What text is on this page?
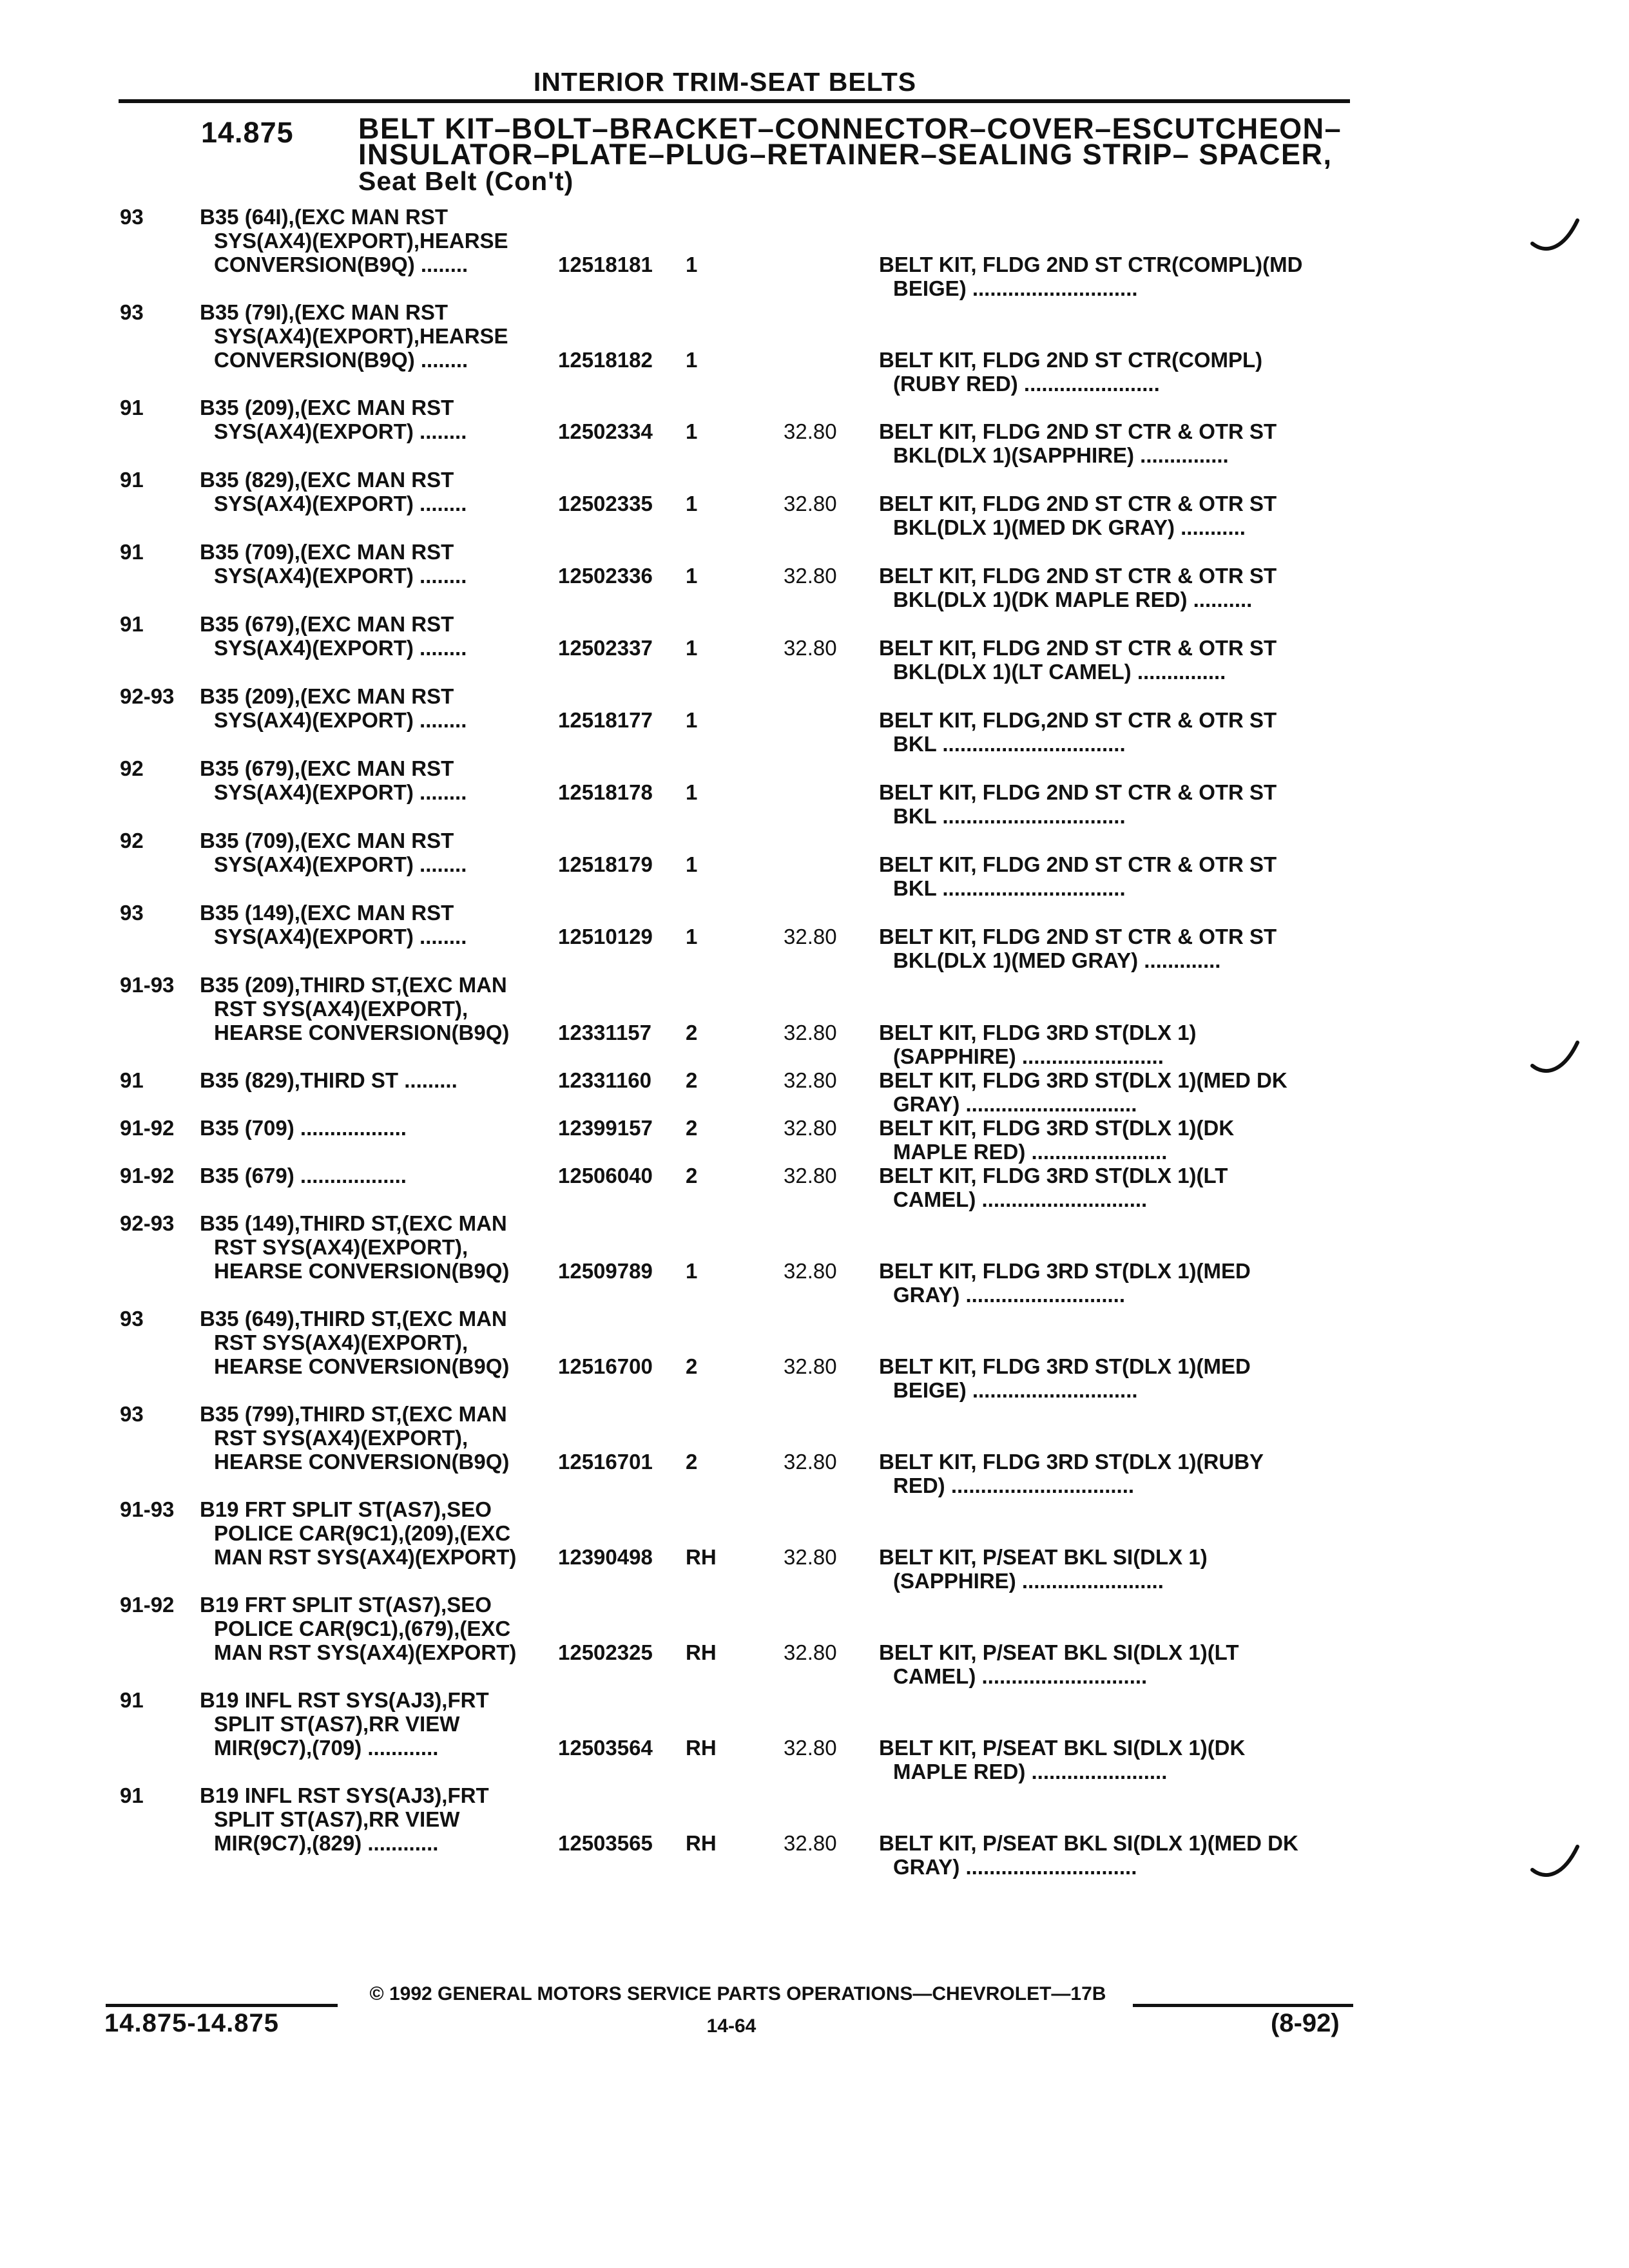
INTERIOR TRIM-SEAT BELTS
14.875 BELT KIT–BOLT–BRACKET–CONNECTOR–COVER–ESCUTCHEON–
INSULATOR–PLATE–PLUG–RETAINER–SEALING STRIP– SPACER,
Seat Belt (Con't)
93	B35 (64I),(EXC MAN RST
SYS(AX4)(EXPORT),HEARSE
CONVERSION(B9Q) ........	12518181 1	BELT KIT, FLDG 2ND ST CTR(COMPL)(MD
BEIGE) ............................
93	B35 (79I),(EXC MAN RST
SYS(AX4)(EXPORT),HEARSE
CONVERSION(B9Q) ........	12518182 1	BELT KIT, FLDG 2ND ST CTR(COMPL)
(RUBY RED) .......................
91	B35 (209),(EXC MAN RST
SYS(AX4)(EXPORT) ........	12502334 1	32.80 BELT KIT, FLDG 2ND ST CTR & OTR ST
BKL(DLX 1)(SAPPHIRE) ...............
91	B35 (829),(EXC MAN RST
SYS(AX4)(EXPORT) ........	12502335 1	32.80 BELT KIT, FLDG 2ND ST CTR & OTR ST
BKL(DLX 1)(MED DK GRAY) ...........
91	B35 (709),(EXC MAN RST
SYS(AX4)(EXPORT) ........	12502336 1	32.80 BELT KIT, FLDG 2ND ST CTR & OTR ST
BKL(DLX 1)(DK MAPLE RED) ..........
91	B35 (679),(EXC MAN RST
SYS(AX4)(EXPORT) ........	12502337 1	32.80 BELT KIT, FLDG 2ND ST CTR & OTR ST
BKL(DLX 1)(LT CAMEL) ...............
92-93 B35 (209),(EXC MAN RST
SYS(AX4)(EXPORT) ........	12518177 1	BELT KIT, FLDG,2ND ST CTR & OTR ST
BKL ...............................
92	B35 (679),(EXC MAN RST
SYS(AX4)(EXPORT) ........	12518178 1	BELT KIT, FLDG 2ND ST CTR & OTR ST
BKL ...............................
92	B35 (709),(EXC MAN RST
SYS(AX4)(EXPORT) ........	12518179 1	BELT KIT, FLDG 2ND ST CTR & OTR ST
BKL ...............................
93	B35 (149),(EXC MAN RST
SYS(AX4)(EXPORT) ........	12510129 1	32.80 BELT KIT, FLDG 2ND ST CTR & OTR ST
BKL(DLX 1)(MED GRAY) .............
91-93 B35 (209),THIRD ST,(EXC MAN
RST SYS(AX4)(EXPORT),
HEARSE CONVERSION(B9Q)	12331157 2	32.80 BELT KIT, FLDG 3RD ST(DLX 1)
(SAPPHIRE) ........................
91	B35 (829),THIRD ST .........	12331160 2	32.80 BELT KIT, FLDG 3RD ST(DLX 1)(MED DK
GRAY) .............................
91-92 B35 (709) ..................	12399157 2	32.80 BELT KIT, FLDG 3RD ST(DLX 1)(DK
MAPLE RED) .......................
91-92 B35 (679) ..................	12506040 2	32.80 BELT KIT, FLDG 3RD ST(DLX 1)(LT
CAMEL) ............................
92-93 B35 (149),THIRD ST,(EXC MAN
RST SYS(AX4)(EXPORT),
HEARSE CONVERSION(B9Q)	12509789 1	32.80 BELT KIT, FLDG 3RD ST(DLX 1)(MED
GRAY) ...........................
93	B35 (649),THIRD ST,(EXC MAN
RST SYS(AX4)(EXPORT),
HEARSE CONVERSION(B9Q)	12516700 2	32.80 BELT KIT, FLDG 3RD ST(DLX 1)(MED
BEIGE) ............................
93	B35 (799),THIRD ST,(EXC MAN
RST SYS(AX4)(EXPORT),
HEARSE CONVERSION(B9Q)	12516701 2	32.80 BELT KIT, FLDG 3RD ST(DLX 1)(RUBY
RED) ...............................
91-93 B19 FRT SPLIT ST(AS7),SEO
POLICE CAR(9C1),(209),(EXC
MAN RST SYS(AX4)(EXPORT)	12390498 RH	32.80 BELT KIT, P/SEAT BKL SI(DLX 1)
(SAPPHIRE) ........................
91-92 B19 FRT SPLIT ST(AS7),SEO
POLICE CAR(9C1),(679),(EXC
MAN RST SYS(AX4)(EXPORT)	12502325 RH	32.80 BELT KIT, P/SEAT BKL SI(DLX 1)(LT
CAMEL) ............................
91	B19 INFL RST SYS(AJ3),FRT
SPLIT ST(AS7),RR VIEW
MIR(9C7),(709) ............	12503564 RH	32.80 BELT KIT, P/SEAT BKL SI(DLX 1)(DK
MAPLE RED) .......................
91	B19 INFL RST SYS(AJ3),FRT
SPLIT ST(AS7),RR VIEW
MIR(9C7),(829) ............	12503565 RH	32.80 BELT KIT, P/SEAT BKL SI(DLX 1)(MED DK
GRAY) .............................
© 1992 GENERAL MOTORS SERVICE PARTS OPERATIONS—CHEVROLET—17B
14.875-14.875	14-64	(8-92)
